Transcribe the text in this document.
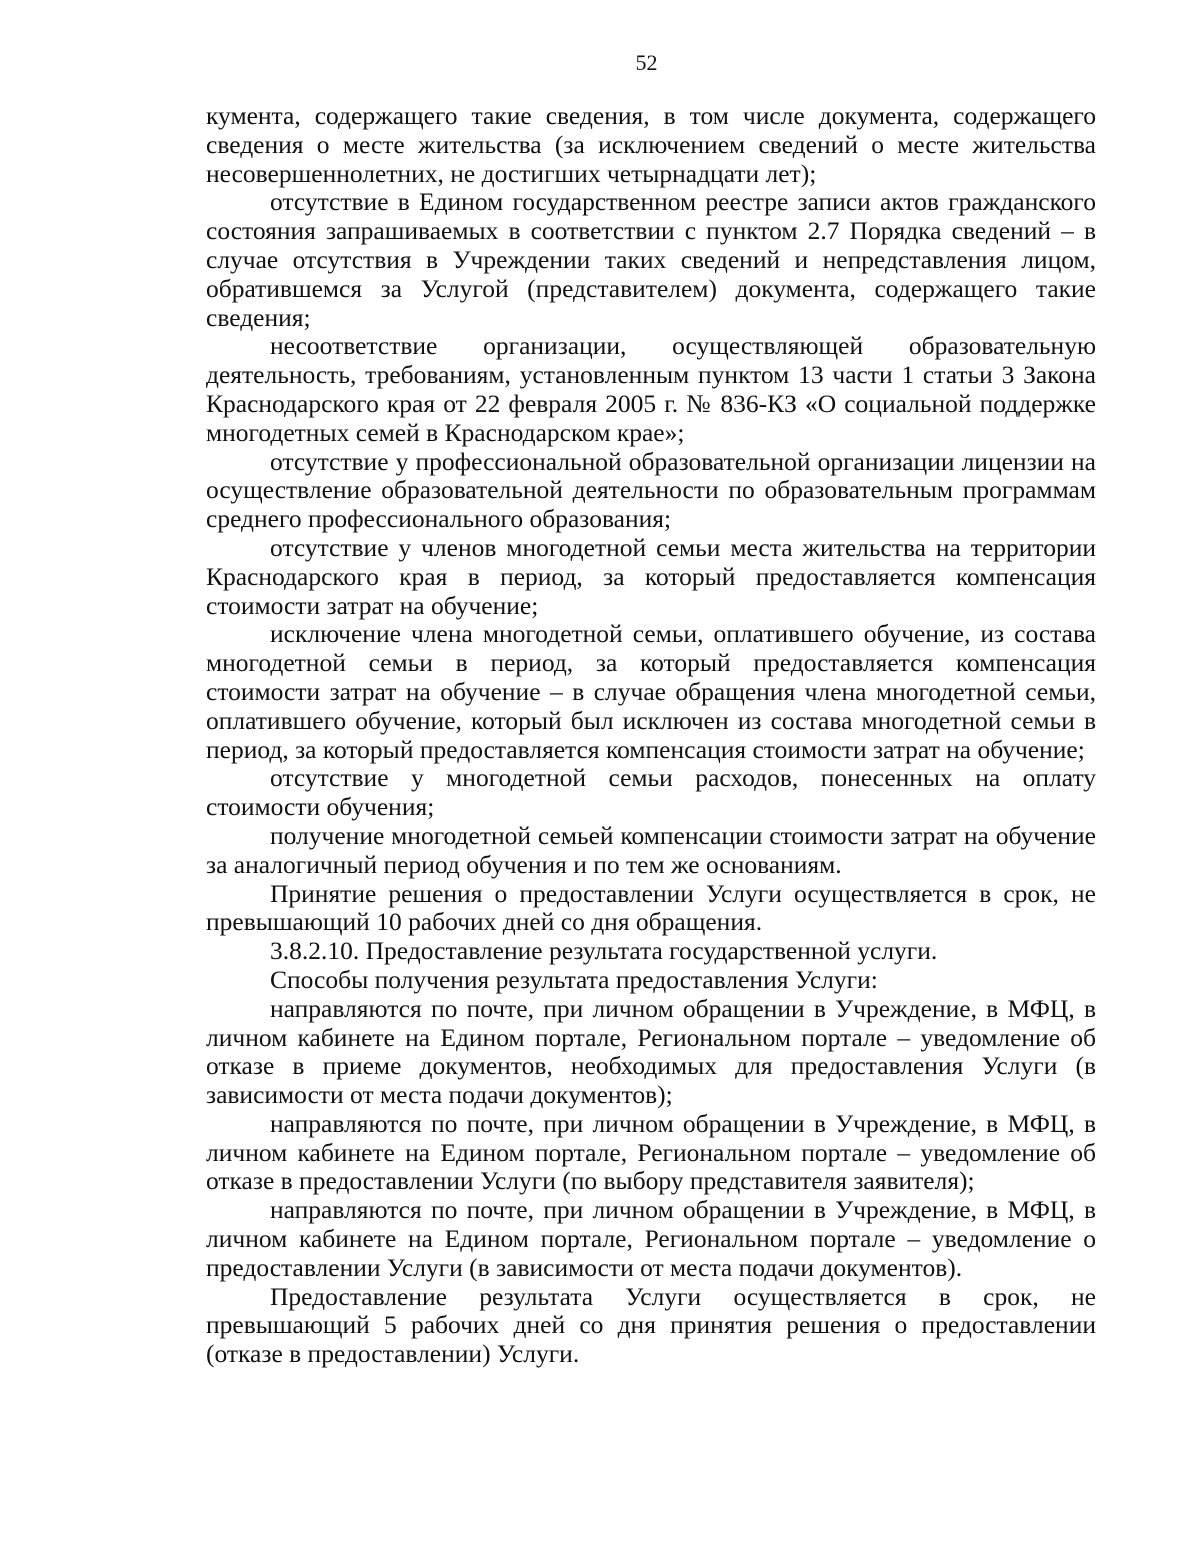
52

кумента, содержащего такие сведения, в том числе документа, содержащего сведения о месте жительства (за исключением сведений о месте жительства несовершеннолетних, не достигших четырнадцати лет);

отсутствие в Едином государственном реестре записи актов гражданского состояния запрашиваемых в соответствии с пунктом 2.7 Порядка сведений – в случае отсутствия в Учреждении таких сведений и непредставления лицом, обратившемся за Услугой (представителем) документа, содержащего такие сведения;

несоответствие организации, осуществляющей образовательную деятельность, требованиям, установленным пунктом 13 части 1 статьи 3 Закона Краснодарского края от 22 февраля 2005 г. № 836-КЗ «О социальной поддержке многодетных семей в Краснодарском крае»;

отсутствие у профессиональной образовательной организации лицензии на осуществление образовательной деятельности по образовательным программам среднего профессионального образования;

отсутствие у членов многодетной семьи места жительства на территории Краснодарского края в период, за который предоставляется компенсация стоимости затрат на обучение;

исключение члена многодетной семьи, оплатившего обучение, из состава многодетной семьи в период, за который предоставляется компенсация стоимости затрат на обучение – в случае обращения члена многодетной семьи, оплатившего обучение, который был исключен из состава многодетной семьи в период, за который предоставляется компенсация стоимости затрат на обучение;

отсутствие у многодетной семьи расходов, понесенных на оплату стоимости обучения;

получение многодетной семьей компенсации стоимости затрат на обучение за аналогичный период обучения и по тем же основаниям.

Принятие решения о предоставлении Услуги осуществляется в срок, не превышающий 10 рабочих дней со дня обращения.

3.8.2.10. Предоставление результата государственной услуги.

Способы получения результата предоставления Услуги:

направляются по почте, при личном обращении в Учреждение, в МФЦ, в личном кабинете на Едином портале, Региональном портале – уведомление об отказе в приеме документов, необходимых для предоставления Услуги (в зависимости от места подачи документов);

направляются по почте, при личном обращении в Учреждение, в МФЦ, в личном кабинете на Едином портале, Региональном портале – уведомление об отказе в предоставлении Услуги (по выбору представителя заявителя);

направляются по почте, при личном обращении в Учреждение, в МФЦ, в личном кабинете на Едином портале, Региональном портале – уведомление о предоставлении Услуги (в зависимости от места подачи документов).

Предоставление результата Услуги осуществляется в срок, не превышающий 5 рабочих дней со дня принятия решения о предоставлении (отказе в предоставлении) Услуги.
